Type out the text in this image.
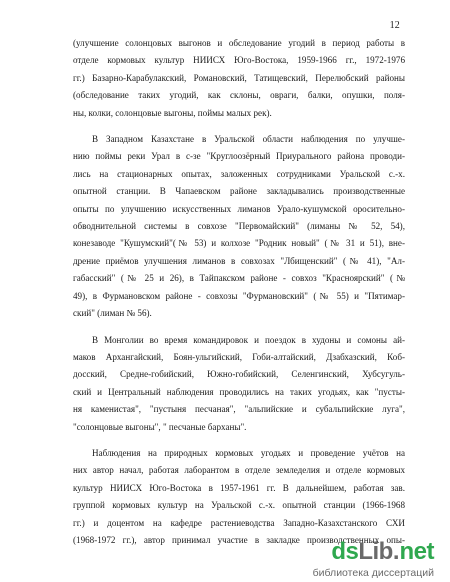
12
(улучшение солонцовых выгонов и обследование угодий в период работы в
отделе кормовых культур НИИСХ Юго-Востока, 1959-1966 гг., 1972-1976
гг.) Базарно-Карабулакский, Романовский, Татищевский, Перелюбский районы
(обследование таких угодий, как склоны, овраги, балки, опушки, поля-
ны, колки, солонцовые выгоны, поймы малых рек).
В Западном Казахстане в Уральской области наблюдения по улучше-
нию поймы реки Урал в с-зе "Круглоозёрный Приурального района проводи-
лись на стационарных опытах, заложенных сотрудниками Уральской с.-х.
опытной станции. В Чапаевском районе закладывались производственные
опыты по улучшению искусственных лиманов Урало-кушумской оросительно-
обводнительной системы в совхозе "Первомайский" (лиманы № 52, 54),
конезаводе "Кушумский"(№ 53) и колхозе "Родник новый" (№ 31 и 51), вне-
дрение приёмов улучшения лиманов в совхозах "Лбищенский" (№ 41), "Ал-
габасский" (№ 25 и 26), в Тайпакском районе - совхоз "Красноярский" (№
49), в Фурмановском районе - совхозы "Фурмановский" (№ 55) и "Пятимар-
ский" (лиман № 56).
В Монголии во время командировок и поездок в худоны и сомоны ай-
маков Архангайский, Боян-ульгийский, Гоби-алтайский, Дзабхазский, Коб-
досский, Среднe-гобийский, Южно-гобийский, Селенгинский, Хубсугуль-
ский и Центральный наблюдения проводились на таких угодьях, как "пусты-
ня каменистая", "пустыня песчаная", "альпийские и субальпийские луга",
"солонцовые выгоны", " песчаные барханы".
Наблюдения на природных кормовых угодьях и проведение учётов на
них автор начал, работая лаборантом в отделе земледелия и отделе кормовых
культур НИИСХ Юго-Востока в 1957-1961 гг. В дальнейшем, работая зав.
группой кормовых культур на Уральской с.-х. опытной станции (1966-1968
гг.) и доцентом на кафедре растениеводства Западно-Казахстанского СХИ
(1968-1972 гг.), автор принимал участие в закладке производственных опы-
ds Lib . net
библиотека диссертаций
